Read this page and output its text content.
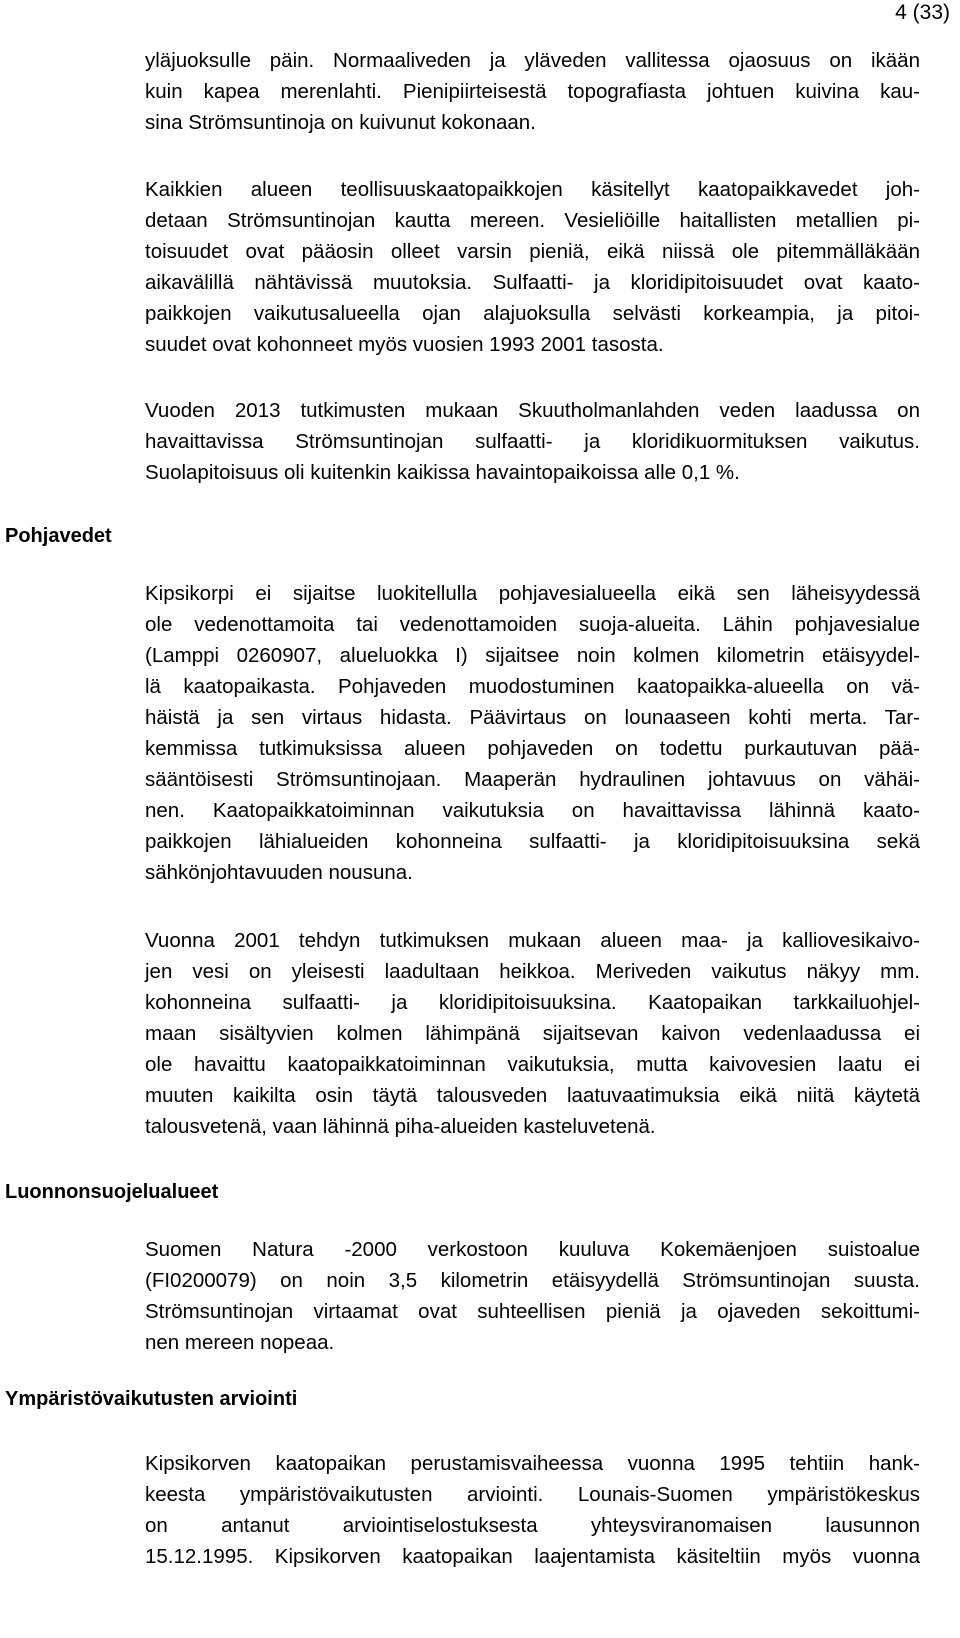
4 (33)
yläjuoksulle päin. Normaaliveden ja yläveden vallitessa ojaosuus on ikään
kuin kapea merenlahti. Pienipiirteisestä topografiasta johtuen kuivina kau-
sina Strömsuntinoja on kuivunut kokonaan.
Kaikkien alueen teollisuuskaatopaikkojen käsitellyt kaatopaikkavedet joh-
detaan Strömsuntinojan kautta mereen. Vesieliöille haitallisten metallien pi-
toisuudet ovat pääosin olleet varsin pieniä, eikä niissä ole pitemmälläkään
aikavälillä nähtävissä muutoksia. Sulfaatti- ja kloridipitoisuudet ovat kaato-
paikkojen vaikutusalueella ojan alajuoksulla selvästi korkeampia, ja pitoi-
suudet ovat kohonneet myös vuosien 1993 2001 tasosta.
Vuoden 2013 tutkimusten mukaan Skuutholmanlahden veden laadussa on
havaittavissa Strömsuntinojan sulfaatti- ja kloridikuormituksen vaikutus.
Suolapitoisuus oli kuitenkin kaikissa havaintopaikoissa alle 0,1 %.
Pohjavedet
Kipsikorpi ei sijaitse luokitellulla pohjavesialueella eikä sen läheisyydessä
ole vedenottamoita tai vedenottamoiden suoja-alueita. Lähin pohjavesialue
(Lamppi 0260907, alueluokka I) sijaitsee noin kolmen kilometrin etäisyydel-
lä kaatopaikasta. Pohjaveden muodostuminen kaatopaikka-alueella on vä-
häistä ja sen virtaus hidasta. Päävirtaus on lounaaseen kohti merta. Tar-
kemmissa tutkimuksissa alueen pohjaveden on todettu purkautuvan pää-
sääntöisesti Strömsuntinojaan. Maaperän hydraulinen johtavuus on vähäi-
nen. Kaatopaikkatoiminnan vaikutuksia on havaittavissa lähinnä kaato-
paikkojen lähialueiden kohonneina sulfaatti- ja kloridipitoisuuksina sekä
sähkönjohtavuuden nousuna.
Vuonna 2001 tehdyn tutkimuksen mukaan alueen maa- ja kalliovesikaivo-
jen vesi on yleisesti laadultaan heikkoa. Meriveden vaikutus näkyy mm.
kohonneina sulfaatti- ja kloridipitoisuuksina. Kaatopaikan tarkkailuohjel-
maan sisältyvien kolmen lähimpänä sijaitsevan kaivon vedenlaadussa ei
ole havaittu kaatopaikkatoiminnan vaikutuksia, mutta kaivovesien laatu ei
muuten kaikilta osin täytä talousveden laatuvaatimuksia eikä niitä käytetä
talousvetenä, vaan lähinnä piha-alueiden kasteluvetenä.
Luonnonsuojelualueet
Suomen Natura -2000 verkostoon kuuluva Kokemäenjoen suistoalue
(FI0200079) on noin 3,5 kilometrin etäisyydellä Strömsuntinojan suusta.
Strömsuntinojan virtaamat ovat suhteellisen pieniä ja ojaveden sekoittumi-
nen mereen nopeaa.
Ympäristövaikutusten arviointi
Kipsikorven kaatopaikan perustamisvaiheessa vuonna 1995 tehtiin hank-
keesta ympäristövaikutusten arviointi. Lounais-Suomen ympäristökeskus
on antanut arviointiselostuksesta yhteysviranomaisen lausunnon
15.12.1995. Kipsikorven kaatopaikan laajentamista käsiteltiin myös vuonna
